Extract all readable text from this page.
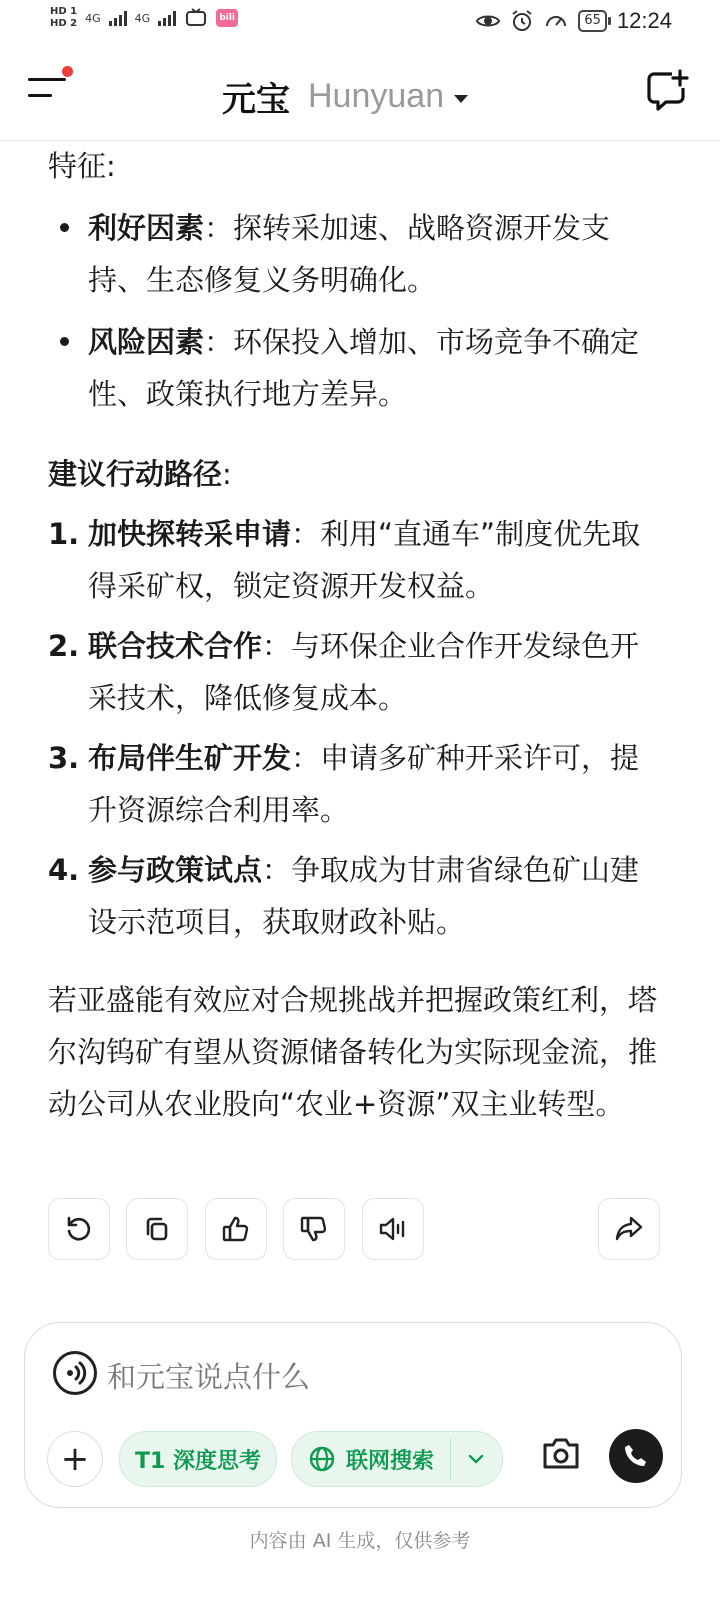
HD 1
HD 2 4G	4G	bili	65 12:24
元宝 Hunyuan

特征:

利好因素：探转采加速、战略资源开发支持、生态修复义务明确化。
风险因素：环保投入增加、市场竞争不确定性、政策执行地方差异。

建议行动路径:

1. 加快探转采申请：利用“直通车”制度优先取得采矿权，锁定资源开发权益。
2. 联合技术合作：与环保企业合作开发绿色开采技术，降低修复成本。
3. 布局伴生矿开发：申请多矿种开采许可，提升资源综合利用率。
4. 参与政策试点：争取成为甘肃省绿色矿山建设示范项目，获取财政补贴。

若亚盛能有效应对合规挑战并把握政策红利，塔尔沟钨矿有望从资源储备转化为实际现金流，推动公司从农业股向“农业+资源”双主业转型。

和元宝说点什么
+ T1 深度思考	联网搜索
内容由 AI 生成，仅供参考
